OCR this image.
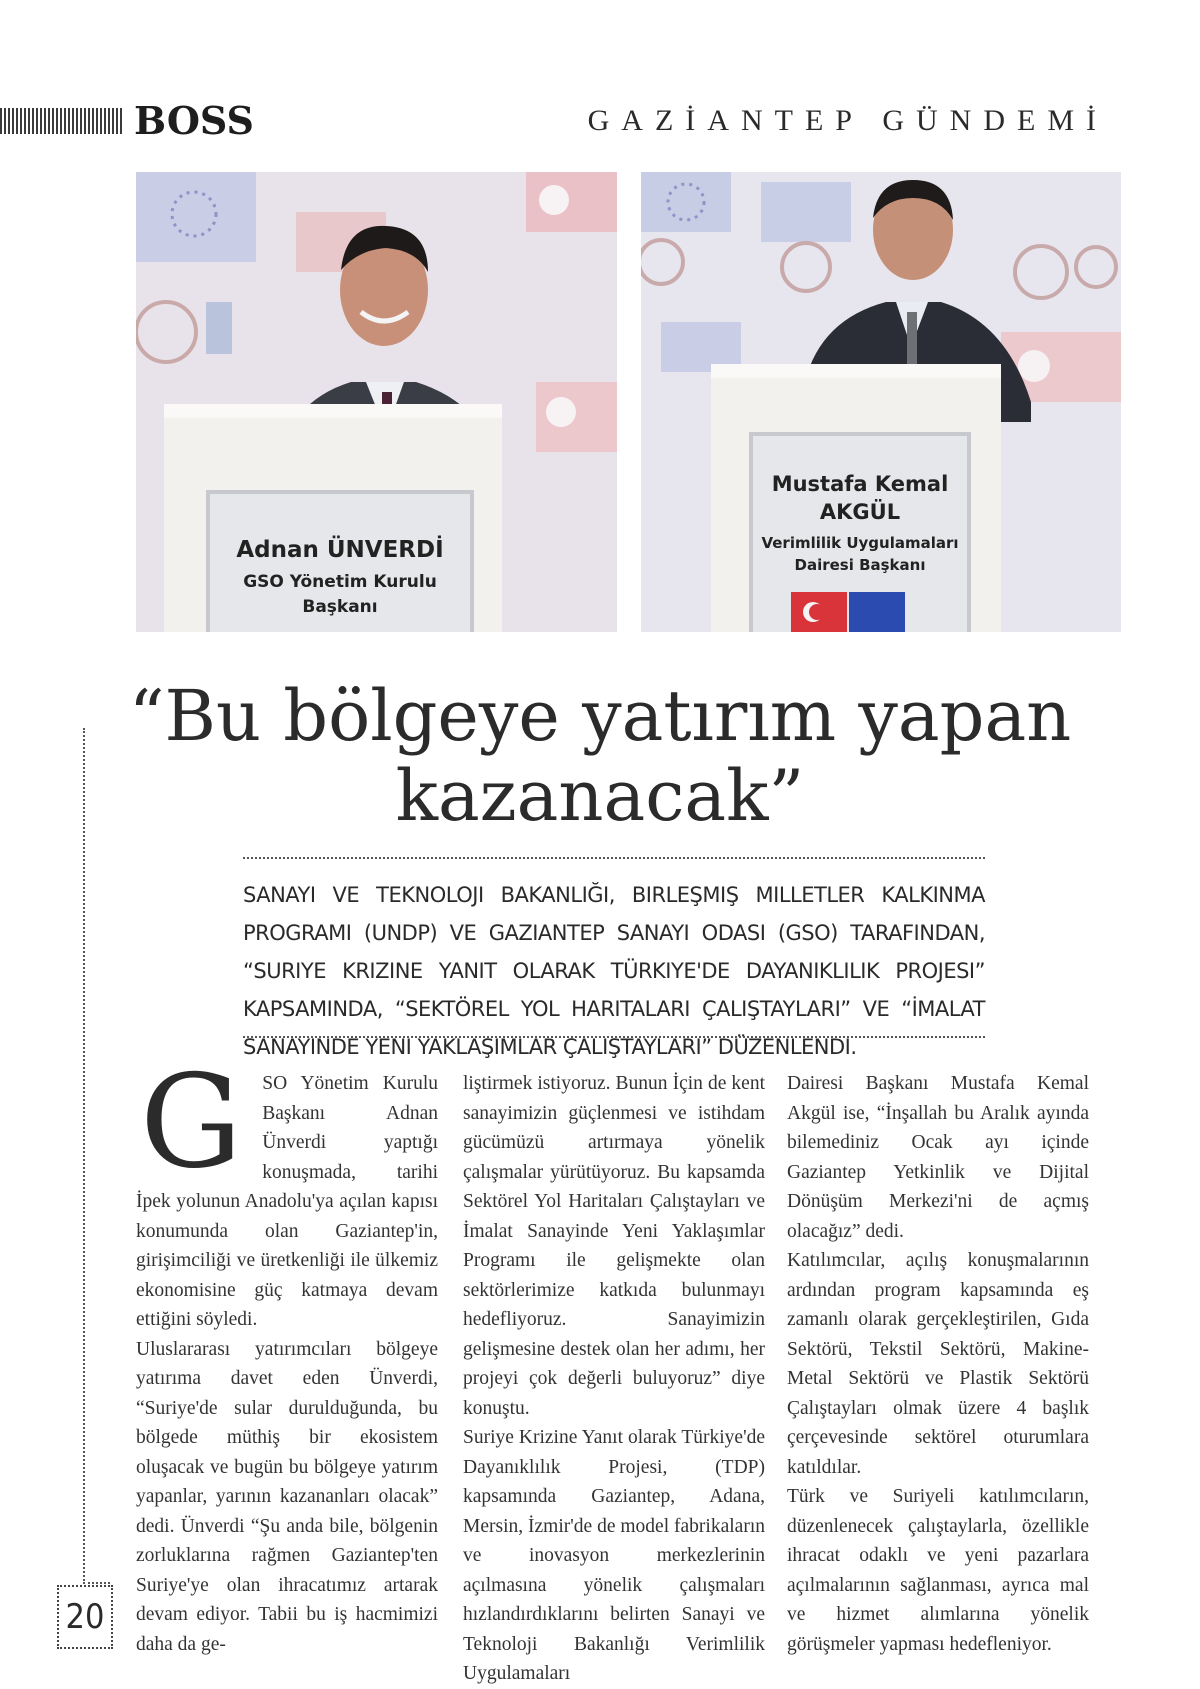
BOSS	GAZİANTEP GÜNDEMİ
Adnan ÜNVERDİ
GSO Yönetim Kurulu
Başkanı
Mustafa Kemal
AKGÜL
Verimlilik Uygulamaları
Dairesi Başkanı
20
“Bu bölgeye yatırım yapan
kazanacak”
SANAYI VE TEKNOLOJI BAKANLIĞI, BIRLEŞMIŞ MILLETLER KALKINMA PROGRAMI (UNDP) VE GAZIANTEP SANAYI ODASI (GSO) TARAFINDAN, “SURIYE KRIZINE YANIT OLARAK TÜRKIYE'DE DAYANIKLILIK PROJESI” KAPSAMINDA, “SEKTÖREL YOL HARITALARI ÇALIŞTAYLARI” VE “İMALAT SANAYINDE YENI YAKLAŞIMLAR ÇALIŞTAYLARI” DÜZENLENDI.

G SO Yönetim Kurulu Başkanı Adnan Ünverdi yaptığı konuşmada, tarihi İpek yolunun Anadolu'ya açılan kapısı konumunda olan Gaziantep'in, girişimciliği ve üretkenliği ile ülkemiz ekonomisine güç katmaya devam ettiğini söyledi.

Uluslararası yatırımcıları bölgeye yatırıma davet eden Ünverdi, “Suriye'de sular durulduğunda, bu bölgede müthiş bir ekosistem oluşacak ve bugün bu bölgeye yatırım yapanlar, yarının kazananları olacak” dedi. Ünverdi “Şu anda bile, bölgenin zorluklarına rağmen Gaziantep'ten Suriye'ye olan ihracatımız artarak devam ediyor. Tabii bu iş hacmimizi daha da ge-

liştirmek istiyoruz. Bunun İçin de kent sanayimizin güçlenmesi ve istihdam gücümüzü artırmaya yönelik çalışmalar yürütüyoruz. Bu kapsamda Sektörel Yol Haritaları Çalıştayları ve İmalat Sanayinde Yeni Yaklaşımlar Programı ile gelişmekte olan sektörlerimize katkıda bulunmayı hedefliyoruz. Sanayimizin gelişmesine destek olan her adımı, her projeyi çok değerli buluyoruz” diye konuştu.

Suriye Krizine Yanıt olarak Türkiye'de Dayanıklılık Projesi, (TDP) kapsamında Gaziantep, Adana, Mersin, İzmir'de de model fabrikaların ve inovasyon merkezlerinin açılmasına yönelik çalışmaları hızlandırdıklarını belirten Sanayi ve Teknoloji Bakanlığı Verimlilik Uygulamaları

Dairesi Başkanı Mustafa Kemal Akgül ise, “İnşallah bu Aralık ayında bilemediniz Ocak ayı içinde Gaziantep Yetkinlik ve Dijital Dönüşüm Merkezi'ni de açmış olacağız” dedi.

Katılımcılar, açılış konuşmalarının ardından program kapsamında eş zamanlı olarak gerçekleştirilen, Gıda Sektörü, Tekstil Sektörü, Makine-Metal Sektörü ve Plastik Sektörü Çalıştayları olmak üzere 4 başlık çerçevesinde sektörel oturumlara katıldılar.

Türk ve Suriyeli katılımcıların, düzenlenecek çalıştaylarla, özellikle ihracat odaklı ve yeni pazarlara açılmalarının sağlanması, ayrıca mal ve hizmet alımlarına yönelik görüşmeler yapması hedefleniyor.
